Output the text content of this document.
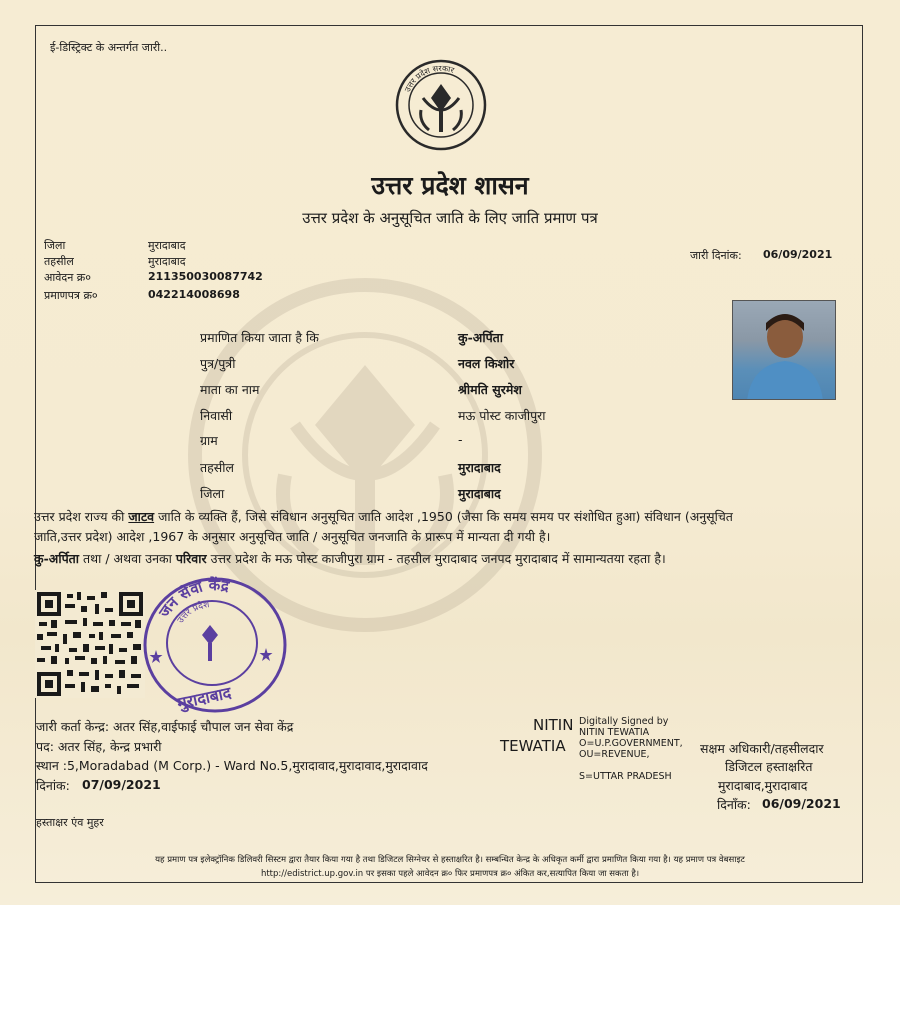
ई-डिस्ट्रिक्ट के अन्तर्गत जारी..
उत्तर प्रदेश सरकार
उत्तर प्रदेश शासन
उत्तर प्रदेश के अनुसूचित जाति के लिए जाति प्रमाण पत्र
जिला	मुरादाबाद
तहसील	मुरादाबाद
आवेदन क्र०	211350030087742
प्रमाणपत्र क्र०	042214008698
जारी दिनांक: 06/09/2021
प्रमाणित किया जाता है कि	कु-अर्पिता
पुत्र/पुत्री	नवल किशोर
माता का नाम	श्रीमति सुरमेश
निवासी	मऊ पोस्ट काजीपुरा
ग्राम	-
तहसील	मुरादाबाद
जिला	मुरादाबाद
उत्तर प्रदेश राज्य की जाटव जाति के व्यक्ति हैं, जिसे संविधान अनुसूचित जाति आदेश ,1950 (जैसा कि समय समय पर संशोधित हुआ) संविधान (अनुसूचित
जाति,उत्तर प्रदेश) आदेश ,1967 के अनुसार अनुसूचित जाति / अनुसूचित जनजाति के प्रारूप में मान्यता दी गयी है।
कु-अर्पिता तथा / अथवा उनका परिवार उत्तर प्रदेश के मऊ पोस्ट काजीपुरा ग्राम - तहसील मुरादाबाद जनपद मुरादाबाद में सामान्यतया रहता है।
जन सेवा केंद्र
उत्तर प्रदेश
मुरादाबाद
जारी कर्ता केन्द्र: अतर सिंह,वाईफाई चौपाल जन सेवा केंद्र
पद: अतर सिंह, केन्द्र प्रभारी
स्थान :5,Moradabad (M Corp.) - Ward No.5,मुरादावाद,मुरादावाद,मुरादावाद
दिनांक: 07/09/2021
हस्ताक्षर एंव मुहर
NITIN
TEWATIA
Digitally Signed by
NITIN TEWATIA
O=U.P.GOVERNMENT,
OU=REVENUE,
S=UTTAR PRADESH
सक्षम अधिकारी/तहसीलदार
डिजिटल हस्ताक्षरित
मुरादाबाद,मुरादाबाद
दिनाँक: 06/09/2021
यह प्रमाण पत्र इलेक्ट्रॉनिक डिलिवरी सिस्टम द्वारा तैयार किया गया है तथा डिजिटल सिग्नेचर से हस्ताक्षरित है। सम्बन्धित केन्द्र के अधिकृत कर्मी द्वारा प्रमाणित किया गया है। यह प्रमाण पत्र वेबसाइट
http://edistrict.up.gov.in पर इसका पहले आवेदन क्र० फिर प्रमाणपत्र क्र० अंकित कर,सत्यापित किया जा सकता है।
